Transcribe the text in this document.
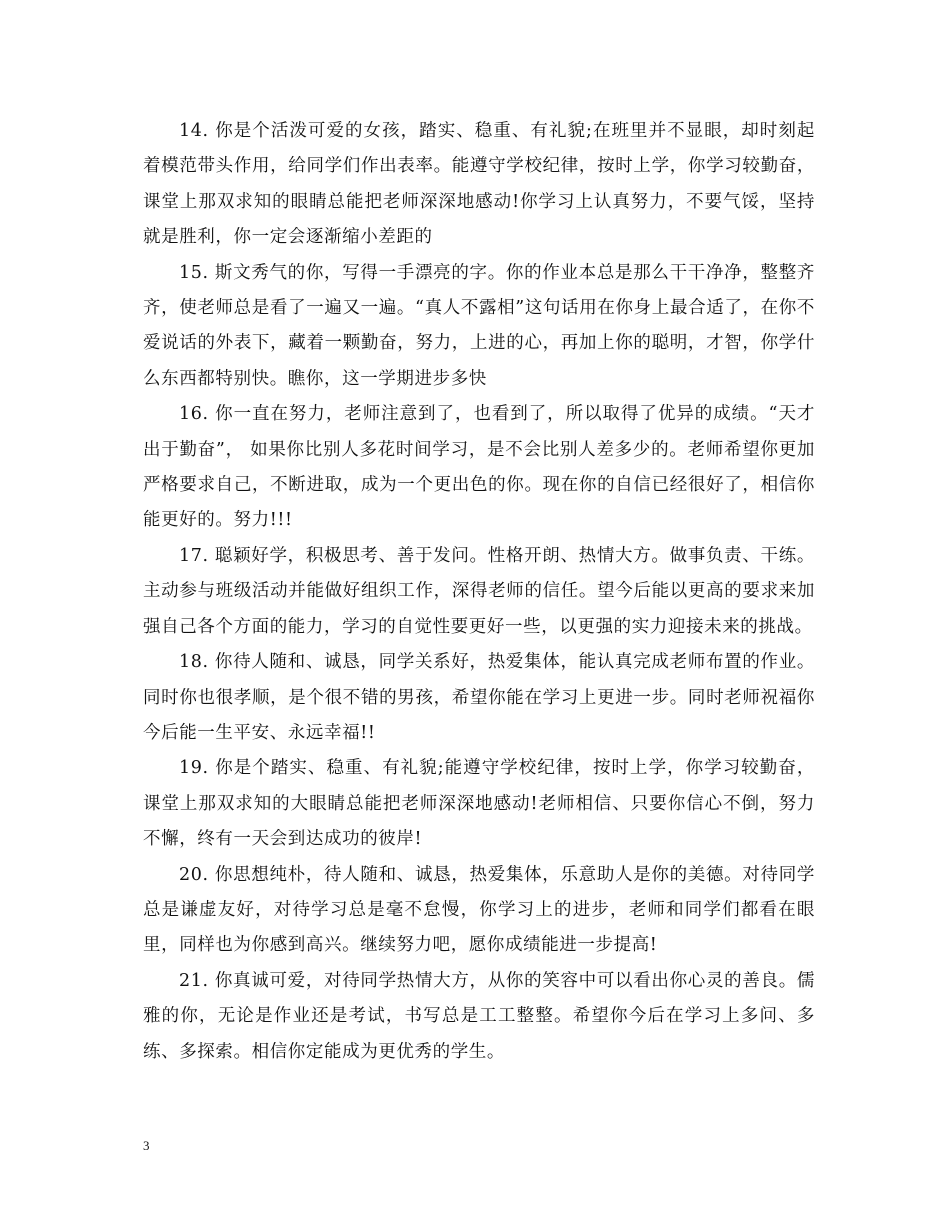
14. 你是个活泼可爱的女孩，踏实、稳重、有礼貌;在班里并不显眼，却时刻起着模范带头作用，给同学们作出表率。能遵守学校纪律，按时上学，你学习较勤奋，课堂上那双求知的眼睛总能把老师深深地感动!你学习上认真努力，不要气馁，坚持就是胜利，你一定会逐渐缩小差距的

15. 斯文秀气的你，写得一手漂亮的字。你的作业本总是那么干干净净，整整齐齐，使老师总是看了一遍又一遍。“真人不露相”这句话用在你身上最合适了，在你不爱说话的外表下，藏着一颗勤奋，努力，上进的心，再加上你的聪明，才智，你学什么东西都特别快。瞧你，这一学期进步多快

16. 你一直在努力，老师注意到了，也看到了，所以取得了优异的成绩。“天才出于勤奋”， 如果你比别人多花时间学习，是不会比别人差多少的。老师希望你更加严格要求自己，不断进取，成为一个更出色的你。现在你的自信已经很好了，相信你能更好的。努力!!!

17. 聪颖好学，积极思考、善于发问。性格开朗、热情大方。做事负责、干练。主动参与班级活动并能做好组织工作，深得老师的信任。望今后能以更高的要求来加强自己各个方面的能力，学习的自觉性要更好一些，以更强的实力迎接未来的挑战。

18. 你待人随和、诚恳，同学关系好，热爱集体，能认真完成老师布置的作业。同时你也很孝顺，是个很不错的男孩，希望你能在学习上更进一步。同时老师祝福你今后能一生平安、永远幸福!!

19. 你是个踏实、稳重、有礼貌;能遵守学校纪律，按时上学，你学习较勤奋，课堂上那双求知的大眼睛总能把老师深深地感动!老师相信、只要你信心不倒，努力不懈，终有一天会到达成功的彼岸!

20. 你思想纯朴，待人随和、诚恳，热爱集体，乐意助人是你的美德。对待同学总是谦虚友好，对待学习总是毫不怠慢，你学习上的进步，老师和同学们都看在眼里，同样也为你感到高兴。继续努力吧，愿你成绩能进一步提高!

21. 你真诚可爱，对待同学热情大方，从你的笑容中可以看出你心灵的善良。儒雅的你，无论是作业还是考试，书写总是工工整整。希望你今后在学习上多问、多练、多探索。相信你定能成为更优秀的学生。

3
